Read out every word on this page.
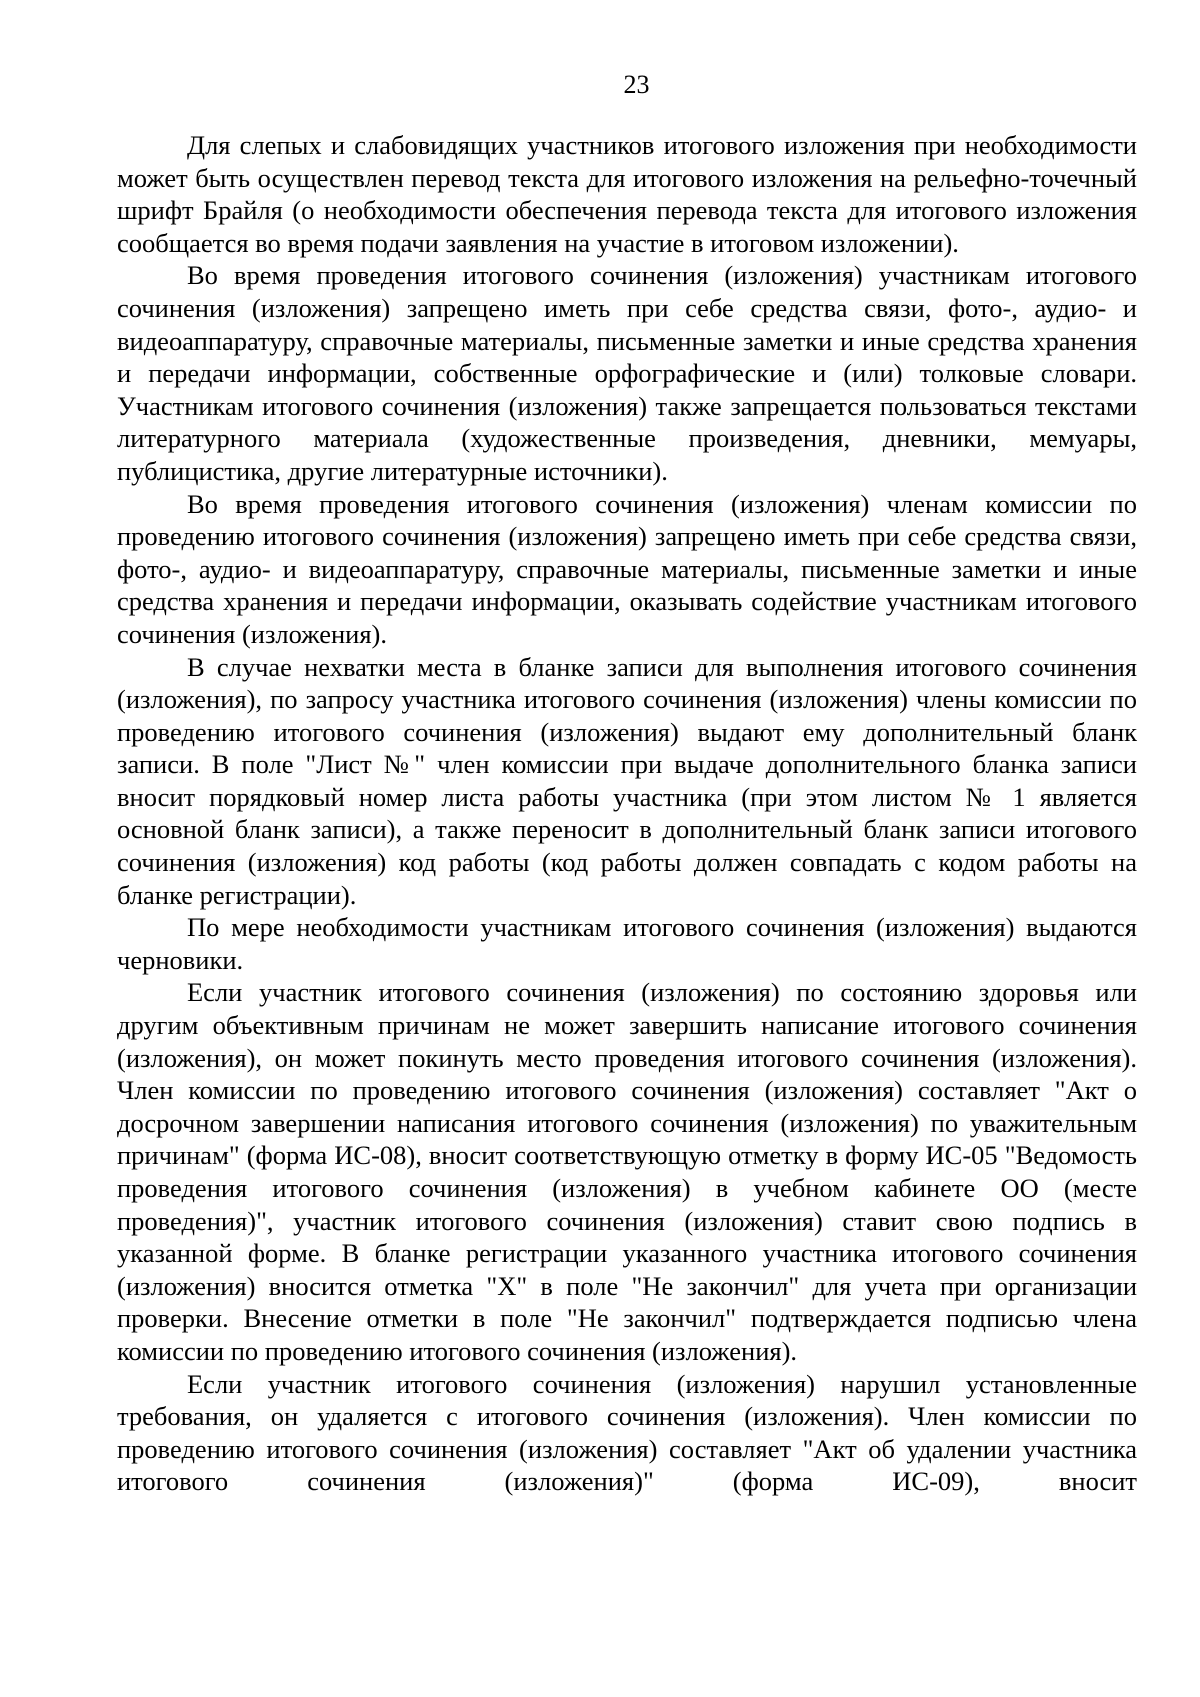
23

Для слепых и слабовидящих участников итогового изложения при необходимости может быть осуществлен перевод текста для итогового изложения на рельефно-точечный шрифт Брайля (о необходимости обеспечения перевода текста для итогового изложения сообщается во время подачи заявления на участие в итоговом изложении).

Во время проведения итогового сочинения (изложения) участникам итогового сочинения (изложения) запрещено иметь при себе средства связи, фото-, аудио- и видеоаппаратуру, справочные материалы, письменные заметки и иные средства хранения и передачи информации, собственные орфографические и (или) толковые словари. Участникам итогового сочинения (изложения) также запрещается пользоваться текстами литературного материала (художественные произведения, дневники, мемуары, публицистика, другие литературные источники).

Во время проведения итогового сочинения (изложения) членам комиссии по проведению итогового сочинения (изложения) запрещено иметь при себе средства связи, фото-, аудио- и видеоаппаратуру, справочные материалы, письменные заметки и иные средства хранения и передачи информации, оказывать содействие участникам итогового сочинения (изложения).

В случае нехватки места в бланке записи для выполнения итогового сочинения (изложения), по запросу участника итогового сочинения (изложения) члены комиссии по проведению итогового сочинения (изложения) выдают ему дополнительный бланк записи. В поле "Лист №" член комиссии при выдаче дополнительного бланка записи вносит порядковый номер листа работы участника (при этом листом № 1 является основной бланк записи), а также переносит в дополнительный бланк записи итогового сочинения (изложения) код работы (код работы должен совпадать с кодом работы на бланке регистрации).

По мере необходимости участникам итогового сочинения (изложения) выдаются черновики.

Если участник итогового сочинения (изложения) по состоянию здоровья или другим объективным причинам не может завершить написание итогового сочинения (изложения), он может покинуть место проведения итогового сочинения (изложения). Член комиссии по проведению итогового сочинения (изложения) составляет "Акт о досрочном завершении написания итогового сочинения (изложения) по уважительным причинам" (форма ИС-08), вносит соответствующую отметку в форму ИС-05 "Ведомость проведения итогового сочинения (изложения) в учебном кабинете ОО (месте проведения)", участник итогового сочинения (изложения) ставит свою подпись в указанной форме. В бланке регистрации указанного участника итогового сочинения (изложения) вносится отметка "X" в поле "Не закончил" для учета при организации проверки. Внесение отметки в поле "Не закончил" подтверждается подписью члена комиссии по проведению итогового сочинения (изложения).

Если участник итогового сочинения (изложения) нарушил установленные требования, он удаляется с итогового сочинения (изложения). Член комиссии по проведению итогового сочинения (изложения) составляет "Акт об удалении участника итогового сочинения (изложения)" (форма ИС-09), вносит
